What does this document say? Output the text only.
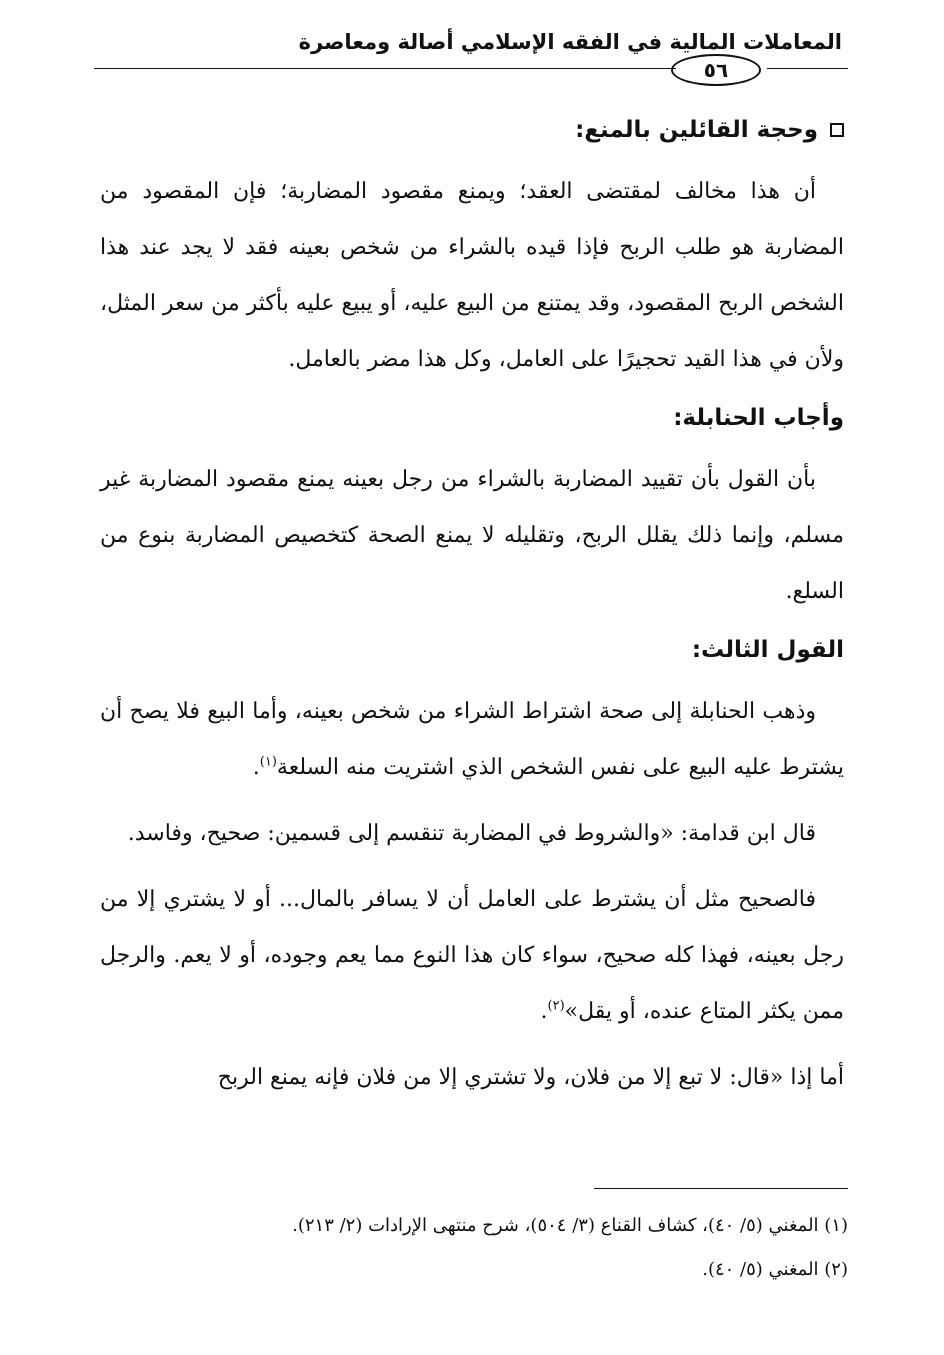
المعاملات المالية في الفقه الإسلامي أصالة ومعاصرة
٥٦
وحجة القائلين بالمنع:

أن هذا مخالف لمقتضى العقد؛ ويمنع مقصود المضاربة؛ فإن المقصود من المضاربة هو طلب الربح فإذا قيده بالشراء من شخص بعينه فقد لا يجد عند هذا الشخص الربح المقصود، وقد يمتنع من البيع عليه، أو يبيع عليه بأكثر من سعر المثل، ولأن في هذا القيد تحجيرًا على العامل، وكل هذا مضر بالعامل.

وأجاب الحنابلة:

بأن القول بأن تقييد المضاربة بالشراء من رجل بعينه يمنع مقصود المضاربة غير مسلم، وإنما ذلك يقلل الربح، وتقليله لا يمنع الصحة كتخصيص المضاربة بنوع من السلع.

القول الثالث:

وذهب الحنابلة إلى صحة اشتراط الشراء من شخص بعينه، وأما البيع فلا يصح أن يشترط عليه البيع على نفس الشخص الذي اشتريت منه السلعة$^{(١)}$.

قال ابن قدامة: «والشروط في المضاربة تنقسم إلى قسمين: صحيح، وفاسد.

فالصحيح مثل أن يشترط على العامل أن لا يسافر بالمال... أو لا يشتري إلا من رجل بعينه، فهذا كله صحيح، سواء كان هذا النوع مما يعم وجوده، أو لا يعم. والرجل ممن يكثر المتاع عنده، أو يقل»$^{(٢)}$.

أما إذا «قال: لا تبع إلا من فلان، ولا تشتري إلا من فلان فإنه يمنع الربح

(١) المغني (٥/ ٤٠)، كشاف القناع (٣/ ٥٠٤)، شرح منتهى الإرادات (٢/ ٢١٣).
(٢) المغني (٥/ ٤٠).
